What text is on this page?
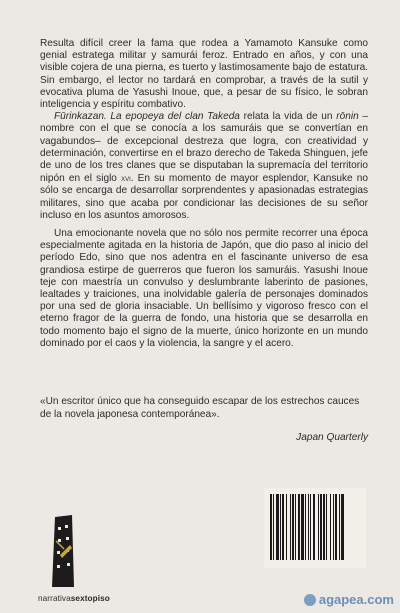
Resulta difícil creer la fama que rodea a Yamamoto Kansuke como genial estratega militar y samurái feroz. Entrado en años, y con una visible cojera de una pierna, es tuerto y lastimosamente bajo de estatura. Sin embargo, el lector no tardará en comprobar, a través de la sutil y evocativa pluma de Yasushi Inoue, que, a pesar de su físico, le sobran inteligencia y espíritu combativo.

Fūrinkazan. La epopeya del clan Takeda relata la vida de un rōnin –nombre con el que se conocía a los samuráis que se convertían en vagabundos– de excepcional destreza que logra, con creatividad y determinación, convertirse en el brazo derecho de Takeda Shinguen, jefe de uno de los tres clanes que se disputaban la supremacía del territorio nipón en el siglo xvi. En su momento de mayor esplendor, Kansuke no sólo se encarga de desarrollar sorprendentes y apasionadas estrategias militares, sino que acaba por condicionar las decisiones de su señor incluso en los asuntos amorosos.

Una emocionante novela que no sólo nos permite recorrer una época especialmente agitada en la historia de Japón, que dio paso al inicio del período Edo, sino que nos adentra en el fascinante universo de esa grandiosa estirpe de guerreros que fueron los samuráis. Yasushi Inoue teje con maestría un convulso y deslumbrante laberinto de pasiones, lealtades y traiciones, una inolvidable galería de personajes dominados por una sed de gloria insaciable. Un bellísimo y vigoroso fresco con el eterno fragor de la guerra de fondo, una historia que se desarrolla en todo momento bajo el signo de la muerte, único horizonte en un mundo dominado por el caos y la violencia, la sangre y el acero.

«Un escritor único que ha conseguido escapar de los estrechos cauces de la novela japonesa contemporánea».
Japan Quarterly
narrativasextopiso	agapea.com
